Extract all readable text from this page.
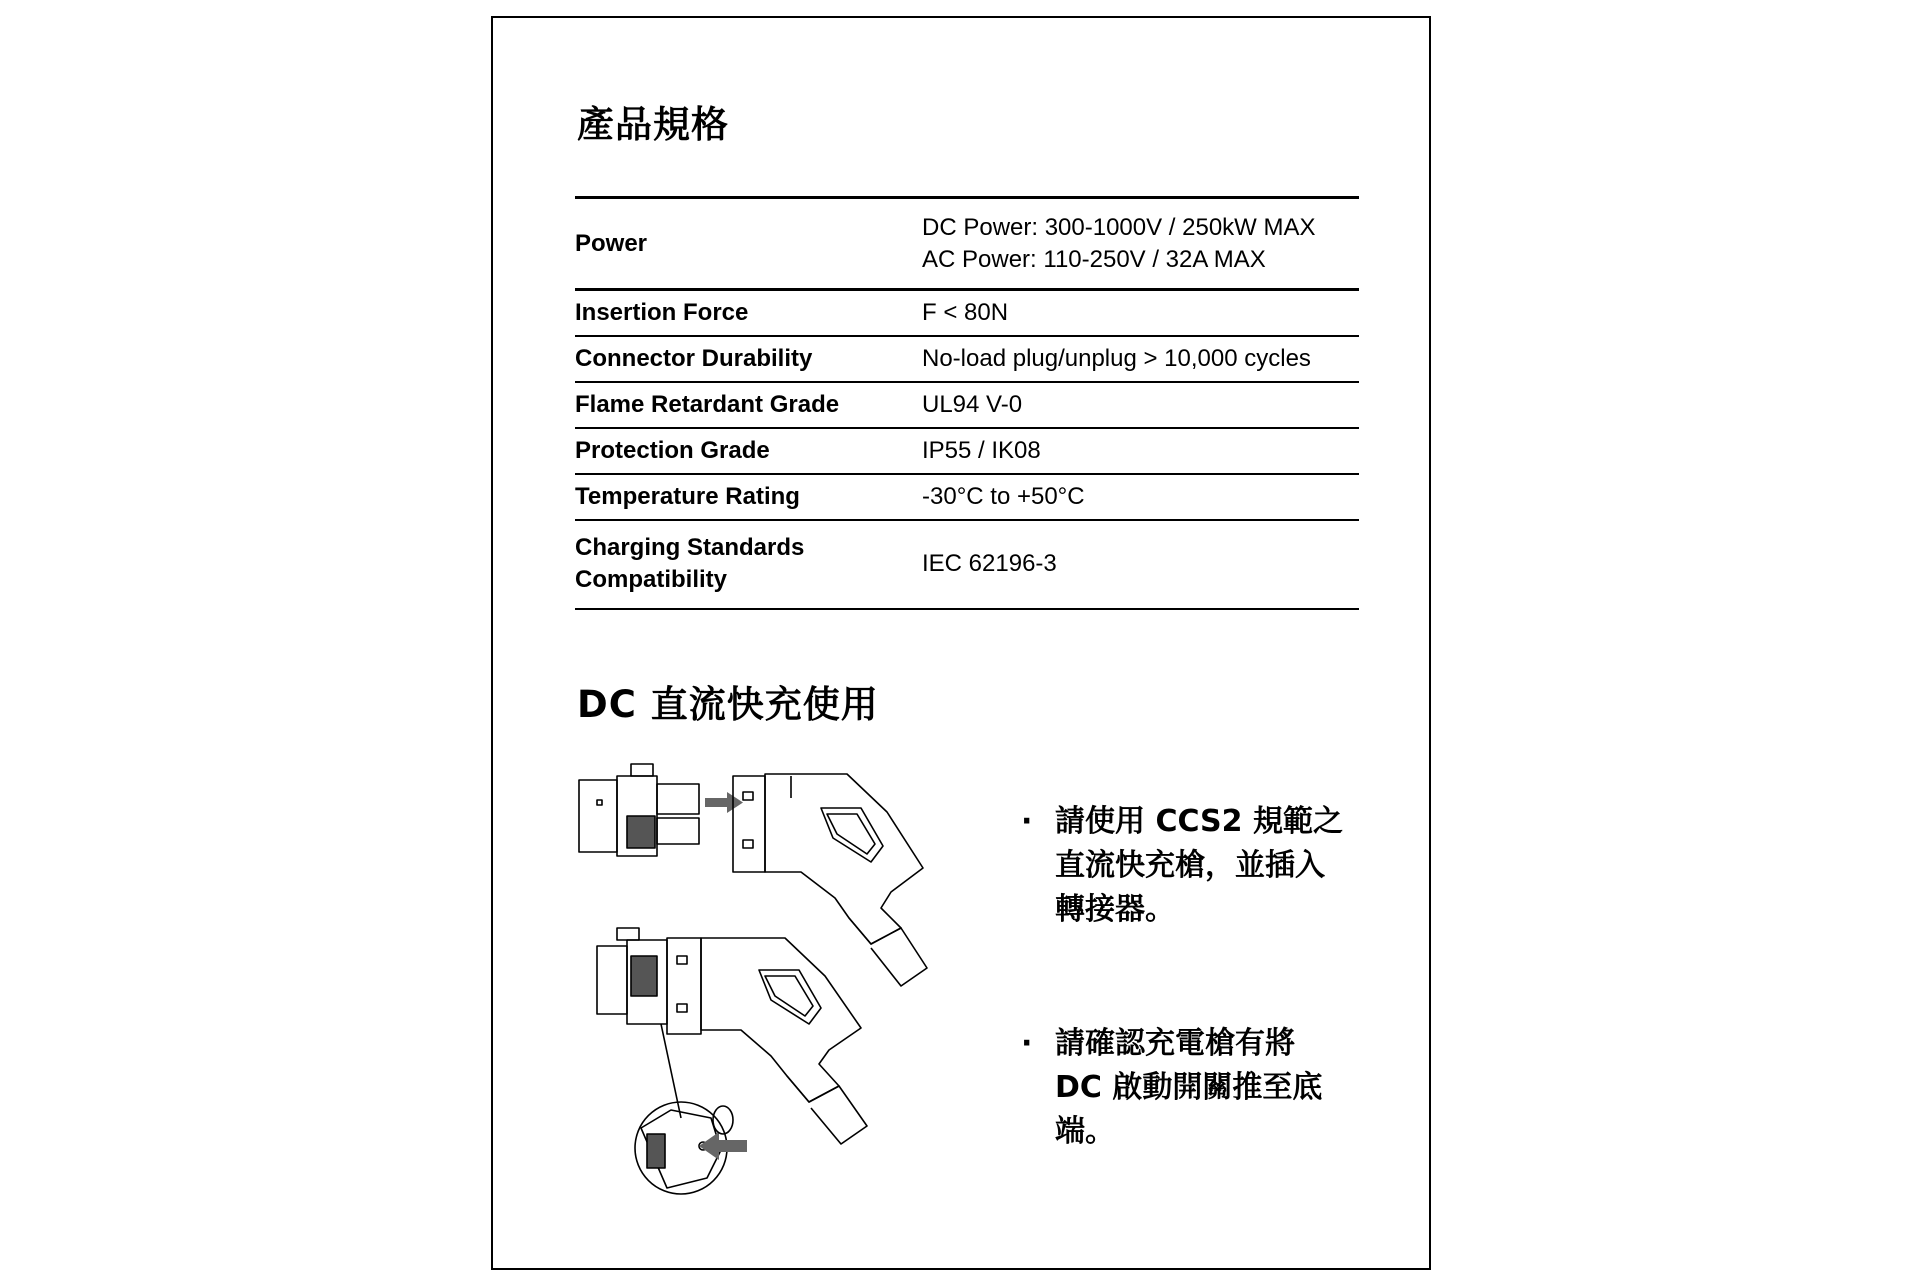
產品規格
Power	DC Power: 300-1000V / 250kW MAX
AC Power: 110-250V / 32A MAX

Insertion Force	F < 80N
Connector Durability	No-load plug/unplug > 10,000 cycles
Flame Retardant Grade	UL94 V-0
Protection Grade	IP55 / IK08
Temperature Rating	-30°C to +50°C

Charging Standards
Compatibility	IEC 62196-3
DC 直流快充使用
· 請使用 CCS2 規範之
直流快充槍，並插入
轉接器。
· 請確認充電槍有將
DC 啟動開關推至底
端。
